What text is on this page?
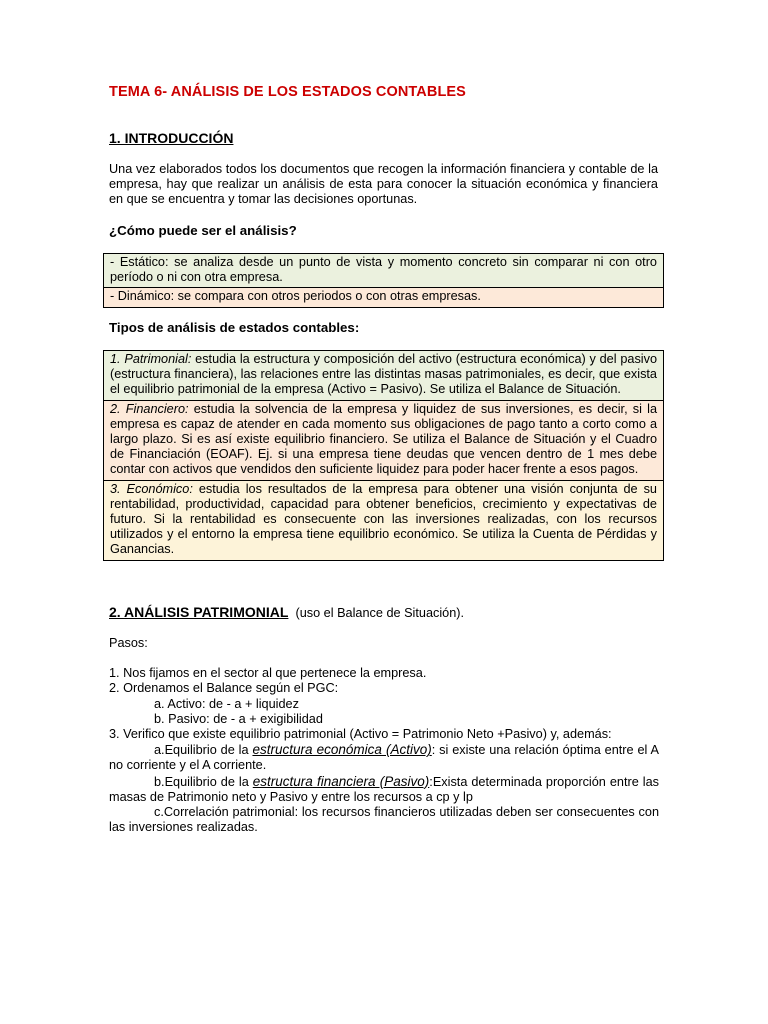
TEMA 6- ANÁLISIS DE LOS ESTADOS CONTABLES
1. INTRODUCCIÓN
Una vez elaborados todos los documentos que recogen la información financiera y contable de la empresa, hay que realizar un análisis de esta para conocer la situación económica y financiera en que se encuentra y tomar las decisiones oportunas.
¿Cómo puede ser el análisis?
- Estático: se analiza desde un punto de vista y momento concreto sin comparar ni con otro período o ni con otra empresa.
- Dinámico: se compara con otros periodos o con otras empresas.
Tipos de análisis de estados contables:
1. Patrimonial: estudia la estructura y composición del activo (estructura económica) y del pasivo (estructura financiera), las relaciones entre las distintas masas patrimoniales, es decir, que exista el equilibrio patrimonial de la empresa (Activo = Pasivo). Se utiliza el Balance de Situación.
2. Financiero: estudia la solvencia de la empresa y liquidez de sus inversiones, es decir, si la empresa es capaz de atender en cada momento sus obligaciones de pago tanto a corto como a largo plazo. Si es así existe equilibrio financiero. Se utiliza el Balance de Situación y el Cuadro de Financiación (EOAF). Ej. si una empresa tiene deudas que vencen dentro de 1 mes debe contar con activos que vendidos den suficiente liquidez para poder hacer frente a esos pagos.
3. Económico: estudia los resultados de la empresa para obtener una visión conjunta de su rentabilidad, productividad, capacidad para obtener beneficios, crecimiento y expectativas de futuro. Si la rentabilidad es consecuente con las inversiones realizadas, con los recursos utilizados y el entorno la empresa tiene equilibrio económico. Se utiliza la Cuenta de Pérdidas y Ganancias.
2. ANÁLISIS PATRIMONIAL  (uso el Balance de Situación).
Pasos:
1. Nos fijamos en el sector al que pertenece la empresa.
2. Ordenamos el Balance según el PGC:
a. Activo: de - a + liquidez
b. Pasivo: de - a + exigibilidad
3. Verifico que existe equilibrio patrimonial (Activo = Patrimonio Neto +Pasivo) y, además:
a.Equilibrio de la estructura económica (Activo): si existe una relación óptima entre el A no corriente y el A corriente.
b.Equilibrio de la estructura financiera (Pasivo):Exista determinada proporción entre las masas de Patrimonio neto y Pasivo y entre los recursos a cp y lp
c.Correlación patrimonial: los recursos financieros utilizadas deben ser consecuentes con las inversiones realizadas.
